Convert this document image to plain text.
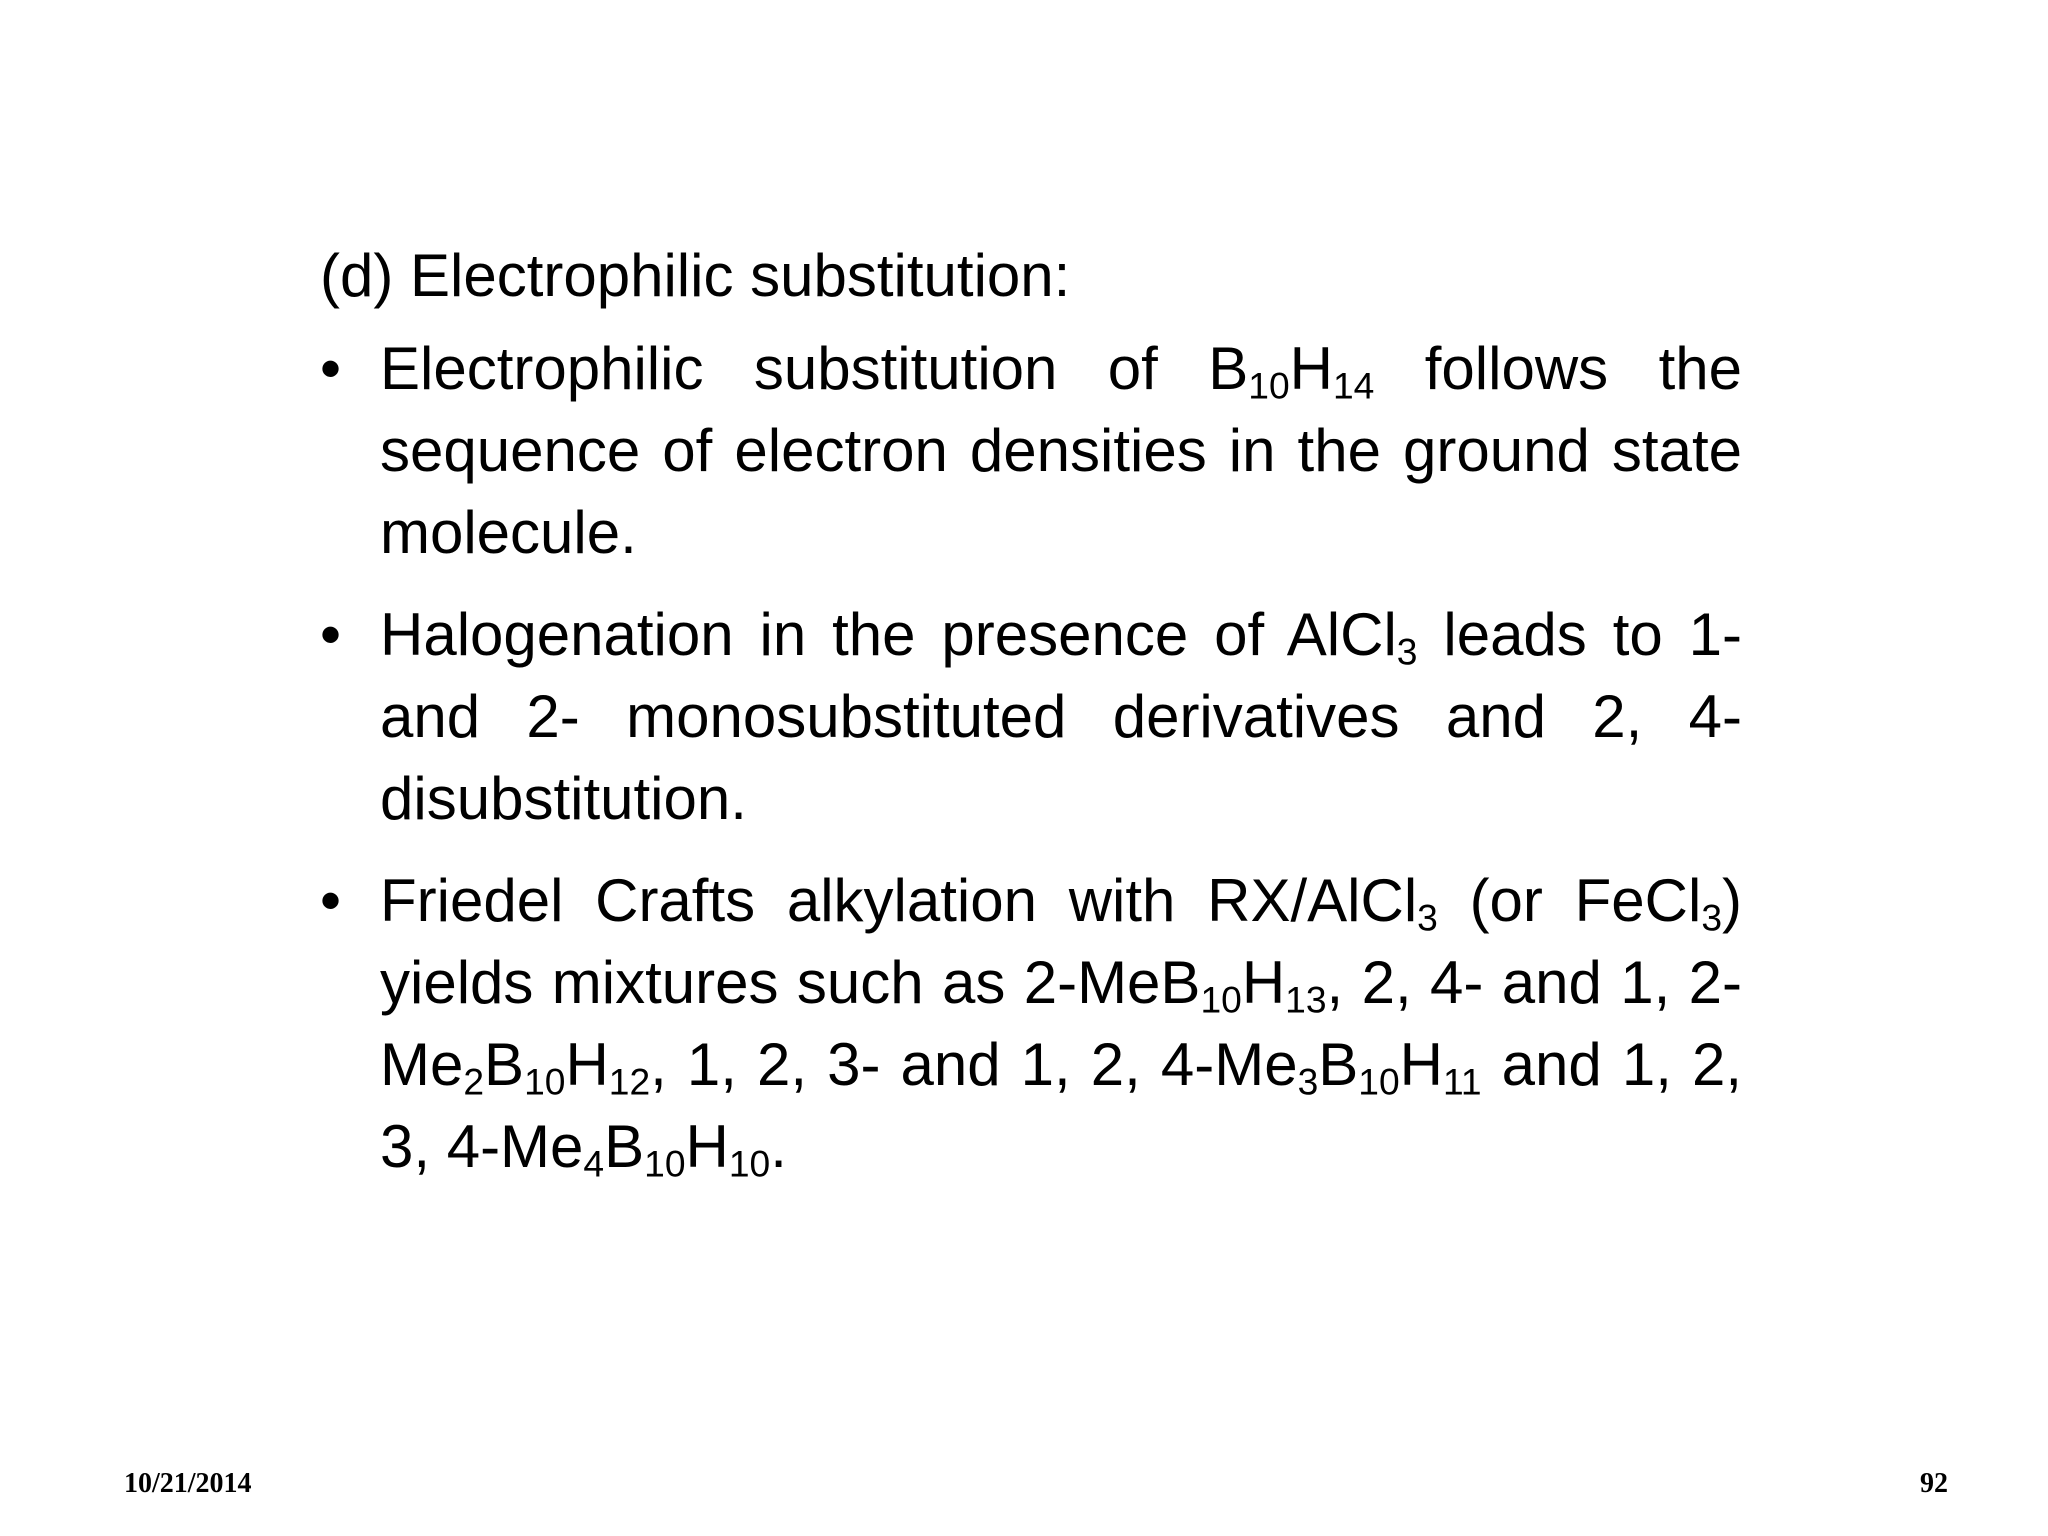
(d) Electrophilic substitution:
• Electrophilic substitution of $B_{10}H_{14}$ follows the sequence of electron densities in the ground state molecule.
• Halogenation in the presence of AlCl$_3$ leads to 1- and 2- monosubstituted derivatives and 2, 4- disubstitution.
• Friedel Crafts alkylation with RX/AlCl$_3$ (or FeCl$_3$) yields mixtures such as $2-MeB_{10}H_{13}$, 2, 4- and 1, 2- $Me_2B_{10}H_{12}$, 1, 2, 3- and 1, 2, $4-Me_3B_{10}H_{11}$ and 1, 2, 3, $4-Me_4B_{10}H_{10}$.
10/21/2014	92
